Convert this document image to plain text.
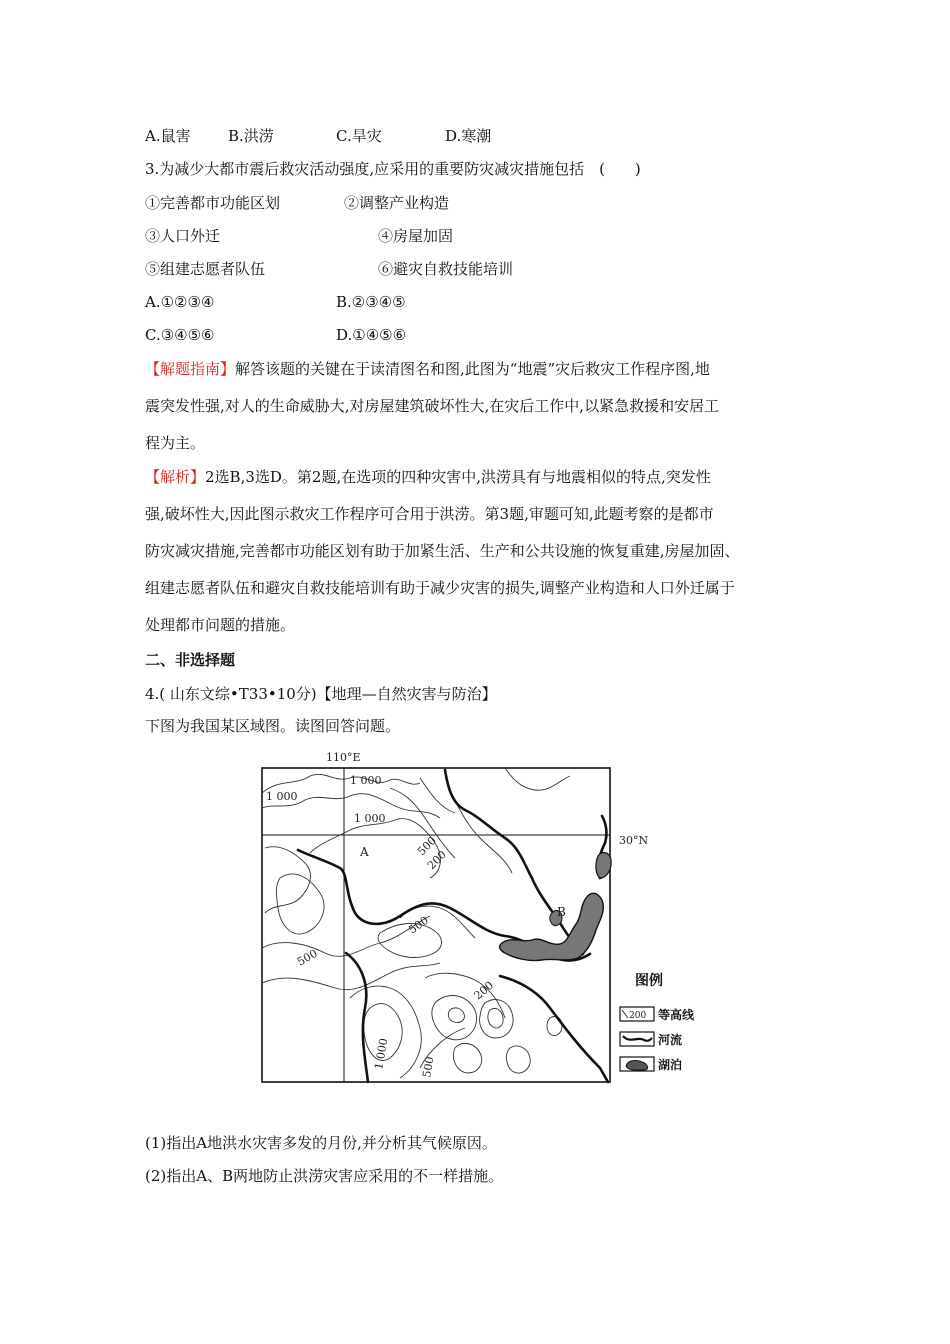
A.鼠害 B.洪涝	C.旱灾	D.寒潮
3.为减少大都市震后救灾活动强度,应采用的重要防灾减灾措施包括　(　　)
①完善都市功能区划	②调整产业构造
③人口外迁	④房屋加固
⑤组建志愿者队伍	⑥避灾自救技能培训
A.①②③④	B.②③④⑤
C.③④⑤⑥	D.①④⑤⑥
【解题指南】解答该题的关键在于读清图名和图,此图为“地震”灾后救灾工作程序图,地
震突发性强,对人的生命威胁大,对房屋建筑破坏性大,在灾后工作中,以紧急救援和安居工
程为主。
【解析】2选B,3选D。第2题,在选项的四种灾害中,洪涝具有与地震相似的特点,突发性
强,破坏性大,因此图示救灾工作程序可合用于洪涝。第3题,审题可知,此题考察的是都市
防灾减灾措施,完善都市功能区划有助于加紧生活、生产和公共设施的恢复重建,房屋加固、
组建志愿者队伍和避灾自救技能培训有助于减少灾害的损失,调整产业构造和人口外迁属于
处理都市问题的措施。
二、非选择题
4.( 山东文综•T33•10分)【地理—自然灾害与防治】
下图为我国某区域图。读图回答问题。
110°E
30°N
1 000
1 000
1 000
500
200
500
500
200
1 000	500
A
B
图例
200 等高线
河流
湖泊
(1)指出A地洪水灾害多发的月份,并分析其气候原因。
(2)指出A、B两地防止洪涝灾害应采用的不一样措施。
